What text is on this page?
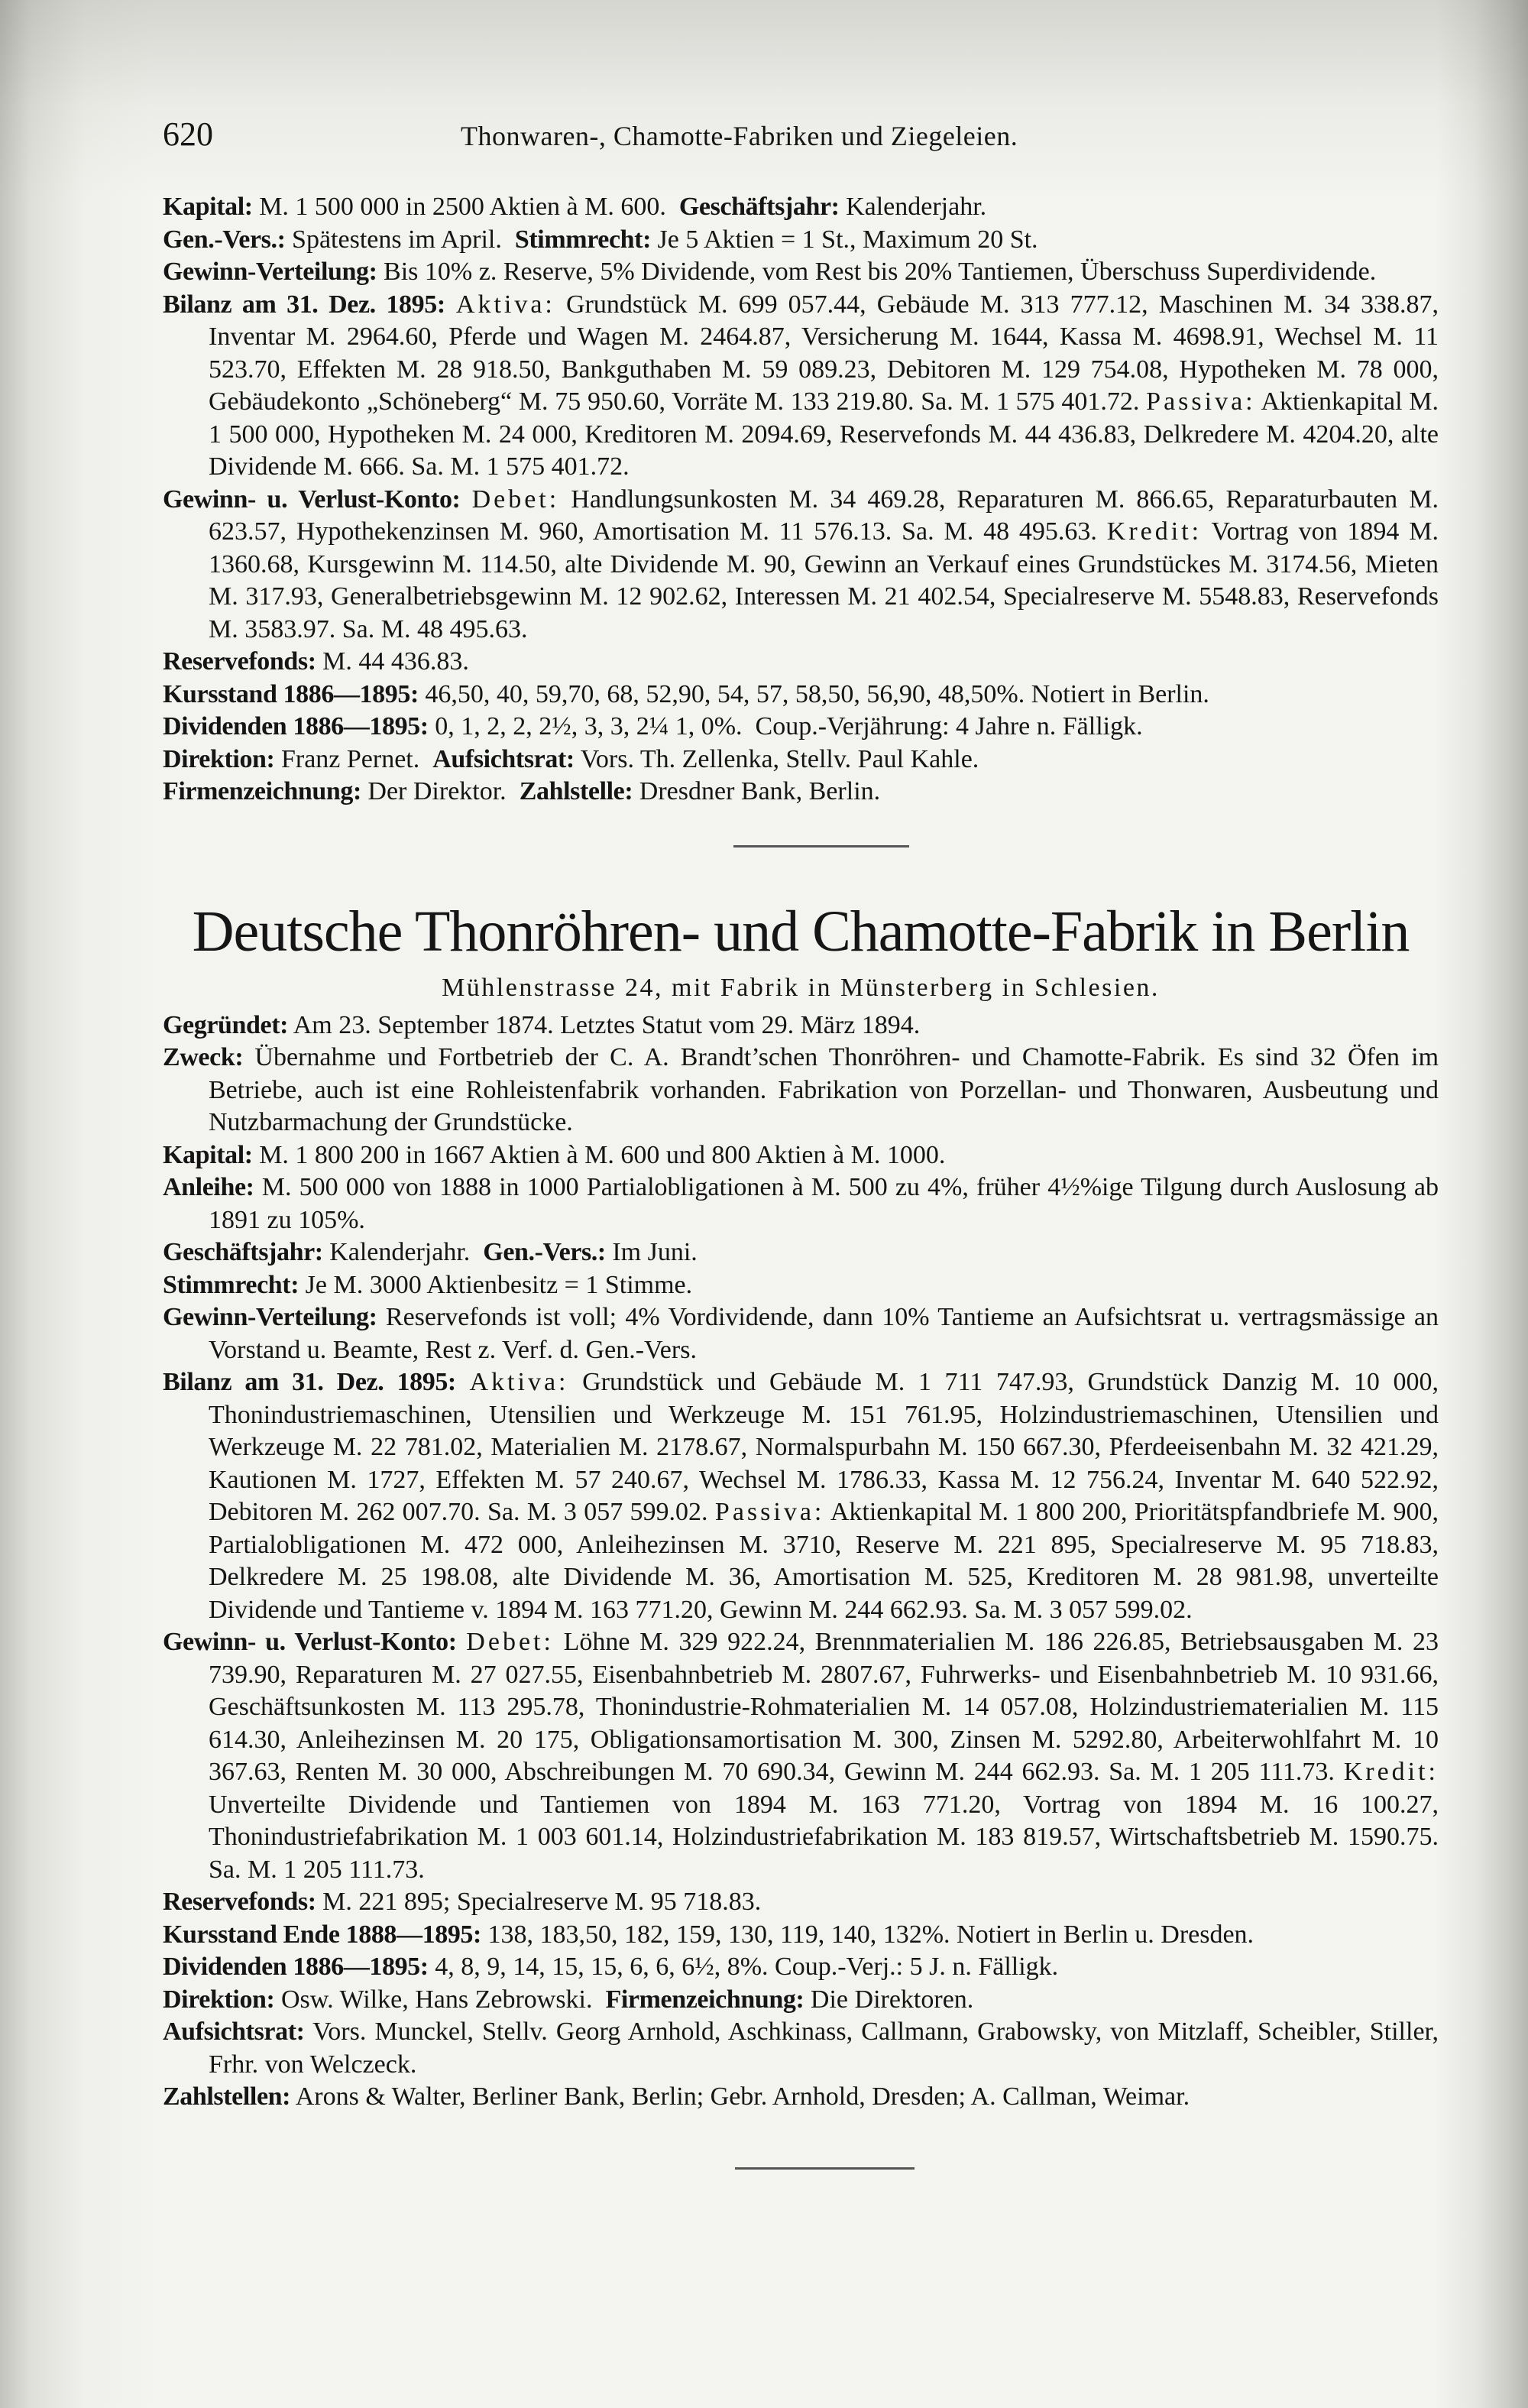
620	Thonwaren-, Chamotte-Fabriken und Ziegeleien.

Kapital: M. 1 500 000 in 2500 Aktien à M. 600. Geschäftsjahr: Kalenderjahr.

Gen.-Vers.: Spätestens im April. Stimmrecht: Je 5 Aktien = 1 St., Maximum 20 St.

Gewinn-Verteilung: Bis 10% z. Reserve, 5% Dividende, vom Rest bis 20% Tantiemen, Überschuss Superdividende.

Bilanz am 31. Dez. 1895: Aktiva: Grundstück M. 699 057.44, Gebäude M. 313 777.12, Maschinen M. 34 338.87, Inventar M. 2964.60, Pferde und Wagen M. 2464.87, Versicherung M. 1644, Kassa M. 4698.91, Wechsel M. 11 523.70, Effekten M. 28 918.50, Bankguthaben M. 59 089.23, Debitoren M. 129 754.08, Hypotheken M. 78 000, Gebäudekonto „Schöneberg“ M. 75 950.60, Vorräte M. 133 219.80. Sa. M. 1 575 401.72. Passiva: Aktienkapital M. 1 500 000, Hypotheken M. 24 000, Kreditoren M. 2094.69, Reservefonds M. 44 436.83, Delkredere M. 4204.20, alte Dividende M. 666. Sa. M. 1 575 401.72.

Gewinn- u. Verlust-Konto: Debet: Handlungsunkosten M. 34 469.28, Reparaturen M. 866.65, Reparaturbauten M. 623.57, Hypothekenzinsen M. 960, Amortisation M. 11 576.13. Sa. M. 48 495.63. Kredit: Vortrag von 1894 M. 1360.68, Kursgewinn M. 114.50, alte Dividende M. 90, Gewinn an Verkauf eines Grundstückes M. 3174.56, Mieten M. 317.93, Generalbetriebsgewinn M. 12 902.62, Interessen M. 21 402.54, Specialreserve M. 5548.83, Reservefonds M. 3583.97. Sa. M. 48 495.63.

Reservefonds: M. 44 436.83.

Kursstand 1886—1895: 46,50, 40, 59,70, 68, 52,90, 54, 57, 58,50, 56,90, 48,50%. Notiert in Berlin.

Dividenden 1886—1895: 0, 1, 2, 2, 2½, 3, 3, 2¼ 1, 0%. Coup.-Verjährung: 4 Jahre n. Fälligk.

Direktion: Franz Pernet. Aufsichtsrat: Vors. Th. Zellenka, Stellv. Paul Kahle.

Firmenzeichnung: Der Direktor. Zahlstelle: Dresdner Bank, Berlin.

Deutsche Thonröhren- und Chamotte-Fabrik in Berlin
Mühlenstrasse 24, mit Fabrik in Münsterberg in Schlesien.

Gegründet: Am 23. September 1874. Letztes Statut vom 29. März 1894.

Zweck: Übernahme und Fortbetrieb der C. A. Brandt’schen Thonröhren- und Chamotte-Fabrik. Es sind 32 Öfen im Betriebe, auch ist eine Rohleistenfabrik vorhanden. Fabrikation von Porzellan- und Thonwaren, Ausbeutung und Nutzbarmachung der Grundstücke.

Kapital: M. 1 800 200 in 1667 Aktien à M. 600 und 800 Aktien à M. 1000.

Anleihe: M. 500 000 von 1888 in 1000 Partialobligationen à M. 500 zu 4%, früher 4½%ige Tilgung durch Auslosung ab 1891 zu 105%.

Geschäftsjahr: Kalenderjahr. Gen.-Vers.: Im Juni.

Stimmrecht: Je M. 3000 Aktienbesitz = 1 Stimme.

Gewinn-Verteilung: Reservefonds ist voll; 4% Vordividende, dann 10% Tantieme an Aufsichtsrat u. vertragsmässige an Vorstand u. Beamte, Rest z. Verf. d. Gen.-Vers.

Bilanz am 31. Dez. 1895: Aktiva: Grundstück und Gebäude M. 1 711 747.93, Grundstück Danzig M. 10 000, Thonindustriemaschinen, Utensilien und Werkzeuge M. 151 761.95, Holzindustriemaschinen, Utensilien und Werkzeuge M. 22 781.02, Materialien M. 2178.67, Normalspurbahn M. 150 667.30, Pferdeeisenbahn M. 32 421.29, Kautionen M. 1727, Effekten M. 57 240.67, Wechsel M. 1786.33, Kassa M. 12 756.24, Inventar M. 640 522.92, Debitoren M. 262 007.70. Sa. M. 3 057 599.02. Passiva: Aktienkapital M. 1 800 200, Prioritätspfandbriefe M. 900, Partialobligationen M. 472 000, Anleihezinsen M. 3710, Reserve M. 221 895, Specialreserve M. 95 718.83, Delkredere M. 25 198.08, alte Dividende M. 36, Amortisation M. 525, Kreditoren M. 28 981.98, unverteilte Dividende und Tantieme v. 1894 M. 163 771.20, Gewinn M. 244 662.93. Sa. M. 3 057 599.02.

Gewinn- u. Verlust-Konto: Debet: Löhne M. 329 922.24, Brennmaterialien M. 186 226.85, Betriebsausgaben M. 23 739.90, Reparaturen M. 27 027.55, Eisenbahnbetrieb M. 2807.67, Fuhrwerks- und Eisenbahnbetrieb M. 10 931.66, Geschäftsunkosten M. 113 295.78, Thonindustrie-Rohmaterialien M. 14 057.08, Holzindustriematerialien M. 115 614.30, Anleihezinsen M. 20 175, Obligationsamortisation M. 300, Zinsen M. 5292.80, Arbeiterwohlfahrt M. 10 367.63, Renten M. 30 000, Abschreibungen M. 70 690.34, Gewinn M. 244 662.93. Sa. M. 1 205 111.73. Kredit: Unverteilte Dividende und Tantiemen von 1894 M. 163 771.20, Vortrag von 1894 M. 16 100.27, Thonindustriefabrikation M. 1 003 601.14, Holzindustriefabrikation M. 183 819.57, Wirtschaftsbetrieb M. 1590.75. Sa. M. 1 205 111.73.

Reservefonds: M. 221 895; Specialreserve M. 95 718.83.

Kursstand Ende 1888—1895: 138, 183,50, 182, 159, 130, 119, 140, 132%. Notiert in Berlin u. Dresden.

Dividenden 1886—1895: 4, 8, 9, 14, 15, 15, 6, 6, 6½, 8%. Coup.-Verj.: 5 J. n. Fälligk.

Direktion: Osw. Wilke, Hans Zebrowski. Firmenzeichnung: Die Direktoren.

Aufsichtsrat: Vors. Munckel, Stellv. Georg Arnhold, Aschkinass, Callmann, Grabowsky, von Mitzlaff, Scheibler, Stiller, Frhr. von Welczeck.

Zahlstellen: Arons & Walter, Berliner Bank, Berlin; Gebr. Arnhold, Dresden; A. Callman, Weimar.
